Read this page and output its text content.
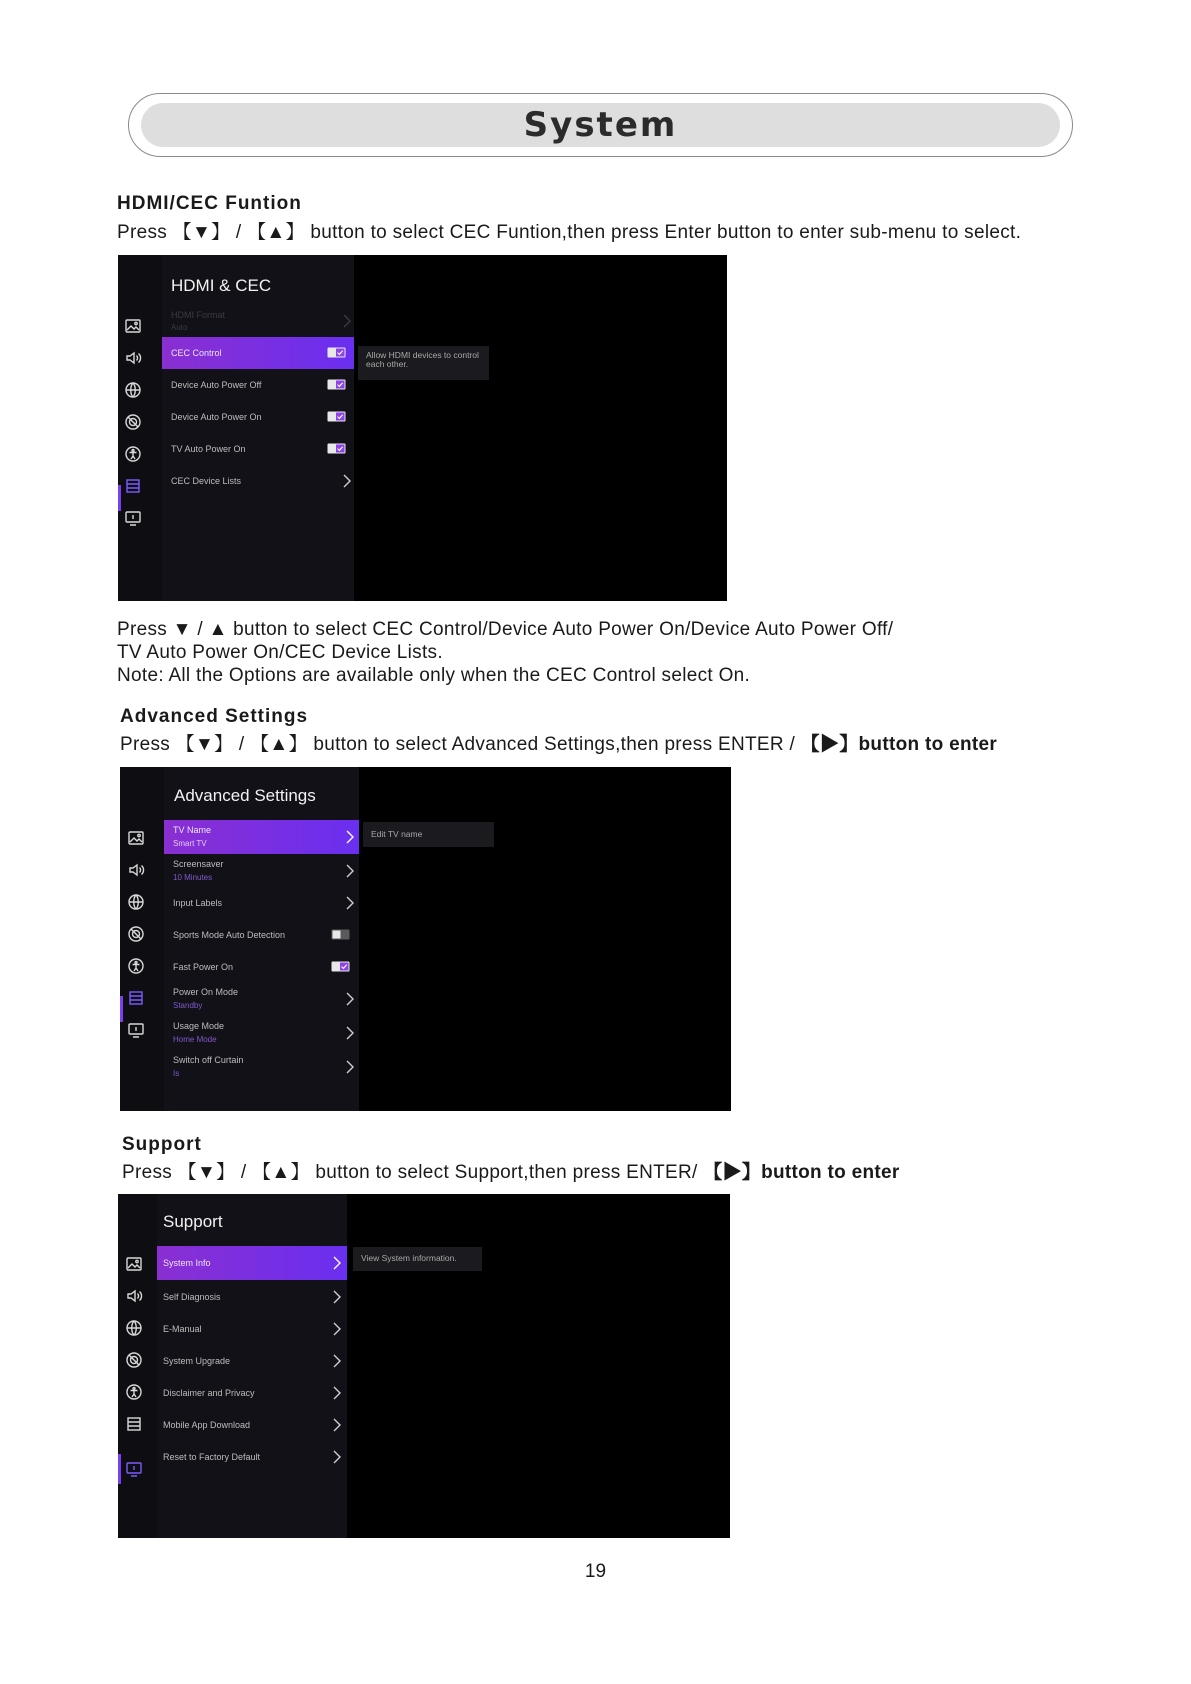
System
HDMI/CEC Funtion
Press 【▼】 / 【▲】 button to select CEC Funtion,then press Enter button to enter sub-menu to select.
HDMI & CEC
HDMI Format
Auto
CEC Control
Device Auto Power Off
Device Auto Power On
TV Auto Power On
CEC Device Lists
Allow HDMI devices to control each other.
Press ▼ / ▲ button to select CEC Control/Device Auto Power On/Device Auto Power Off/
TV Auto Power On/CEC Device Lists.
Note: All the Options are available only when the CEC Control select On.
Advanced Settings
Press 【▼】 / 【▲】 button to select Advanced Settings,then press ENTER / 【▶】button to enter
Advanced Settings
TV Name
Smart TV
Screensaver
10 Minutes
Input Labels
Sports Mode Auto Detection
Fast Power On
Power On Mode
Standby
Usage Mode
Home Mode
Switch off Curtain
Is
Edit TV name
Support
Press 【▼】 / 【▲】 button to select Support,then press ENTER/ 【▶】button to enter
Support
System Info
Self Diagnosis
E-Manual
System Upgrade
Disclaimer and Privacy
Mobile App Download
Reset to Factory Default
View System information.
19
